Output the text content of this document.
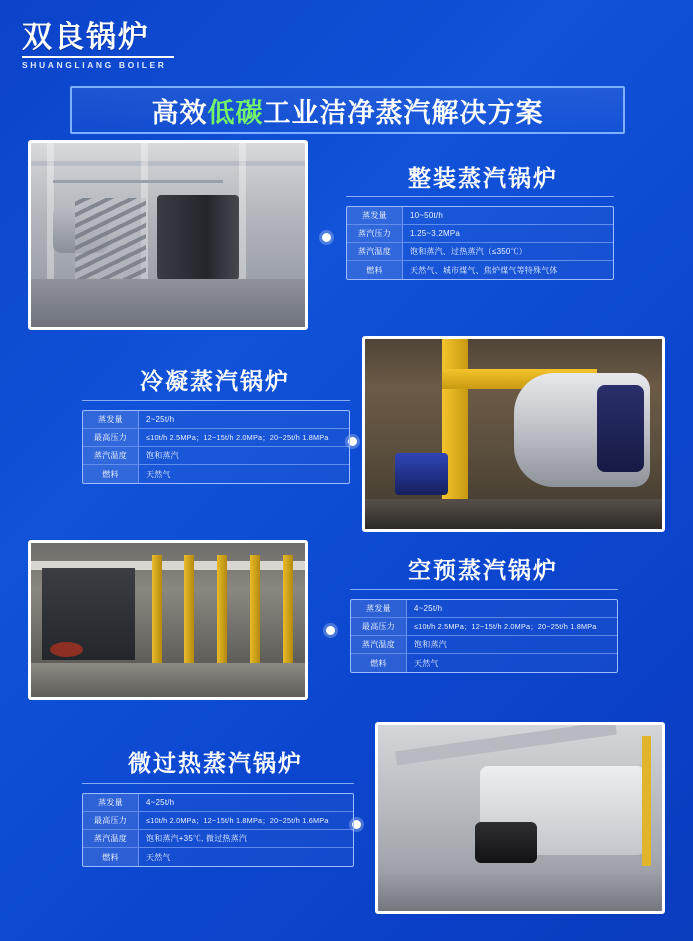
双良锅炉
SHUANGLIANG BOILER
高效低碳工业洁净蒸汽解决方案
整装蒸汽锅炉
蒸发量	10~50t/h
蒸汽压力	1.25~3.2MPa
蒸汽温度	饱和蒸汽、过热蒸汽（≤350℃）
燃料	天然气、城市煤气、焦炉煤气等特殊气体
冷凝蒸汽锅炉
蒸发量	2~25t/h
最高压力	≤10t/h 2.5MPa；12~15t/h 2.0MPa；20~25t/h 1.8MPa
蒸汽温度	饱和蒸汽
燃料	天然气
空预蒸汽锅炉
蒸发量	4~25t/h
最高压力	≤10t/h 2.5MPa；12~15t/h 2.0MPa；20~25t/h 1.8MPa
蒸汽温度	饱和蒸汽
燃料	天然气
微过热蒸汽锅炉
蒸发量	4~25t/h
最高压力	≤10t/h 2.0MPa；12~15t/h 1.8MPa；20~25t/h 1.6MPa
蒸汽温度	饱和蒸汽+35℃, 微过热蒸汽
燃料	天然气
